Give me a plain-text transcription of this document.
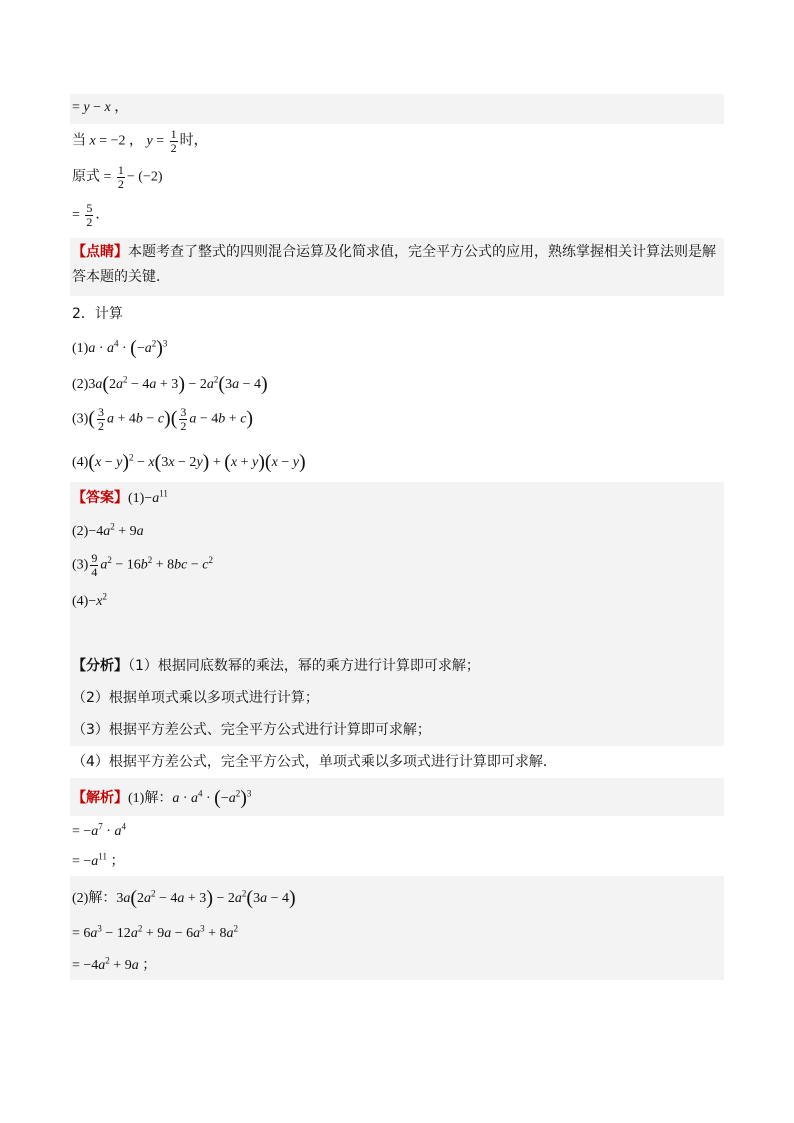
= y − x ，
当 x = −2 ， $y = \frac{1}{2}$ 时，
原式 = $\frac{1}{2} - (-2)$
= $\frac{5}{2}$ ．
【点睛】本题考查了整式的四则混合运算及化简求值，完全平方公式的应用，熟练掌握相关计算法则是解
答本题的关键．
2．计算
$(1)a \cdot a^4 \cdot (-a^2)^3$
$(2)3a(2a^2 - 4a + 3) - 2a^2(3a - 4)$
$(3)( \frac{3}{2}$ $a + 4b - c)( \frac{3}{2}$ a − 4b + c)
$(4)(x - y)^2 - x(3x - 2y) + (x + y)(x - y)$
【答案】$(1)-a^{11}$
$(2)-4a^2 + 9a$
$(3) \frac{9}{4} a^2 - 16b^2 + 8bc - c^2$
$(4)-x^2$
【分析】（1）根据同底数幂的乘法，幂的乘方进行计算即可求解；
（2）根据单项式乘以多项式进行计算；
（3）根据平方差公式、完全平方公式进行计算即可求解；
（4）根据平方差公式，完全平方公式，单项式乘以多项式进行计算即可求解．
【解析】(1)解：$a \cdot a^4 \cdot (-a^2)^3$
= $-a^7 \cdot a^4$
= $-a^{11}$ ；
(2)解：$3a(2a^2 - 4a + 3) - 2a^2(3a - 4)$
= $6a^3 - 12a^2 + 9a - 6a^3 + 8a^2$
= $-4a^2 + 9a$ ；
